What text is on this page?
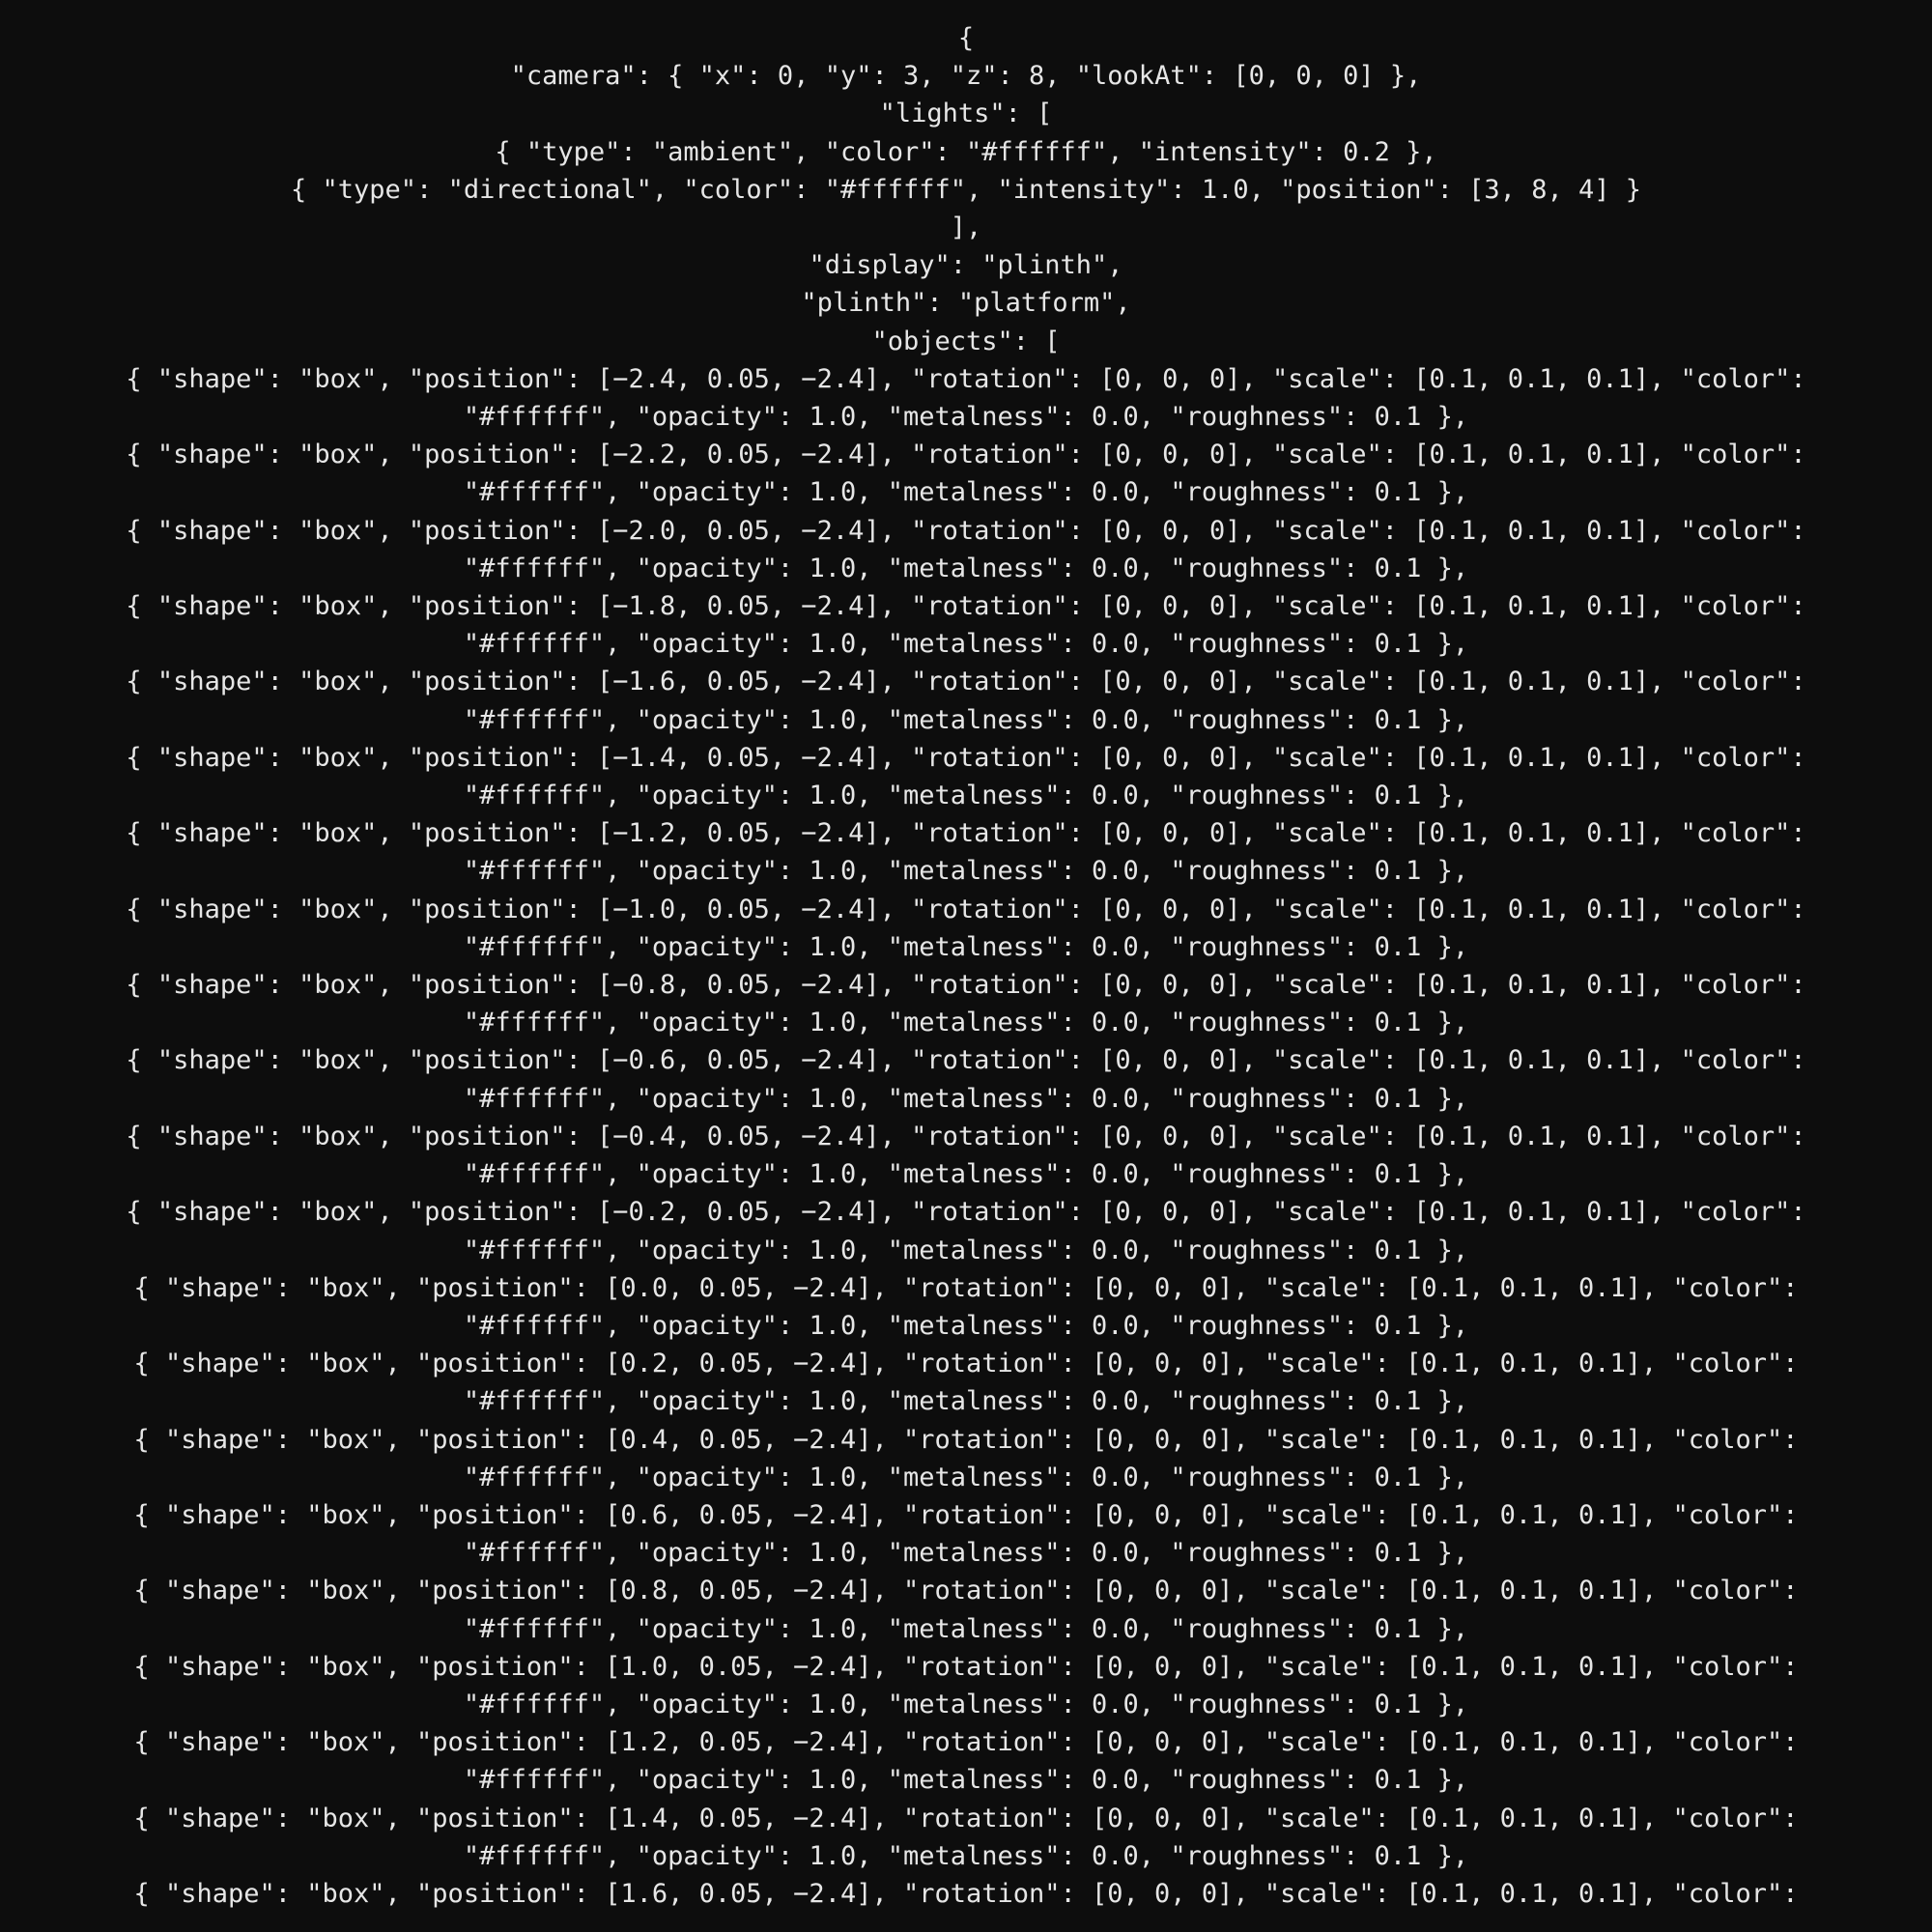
{
"camera": { "x": 0, "y": 3, "z": 8, "lookAt": [0, 0, 0] },
"lights": [
{ "type": "ambient", "color": "#ffffff", "intensity": 0.2 },
{ "type": "directional", "color": "#ffffff", "intensity": 1.0, "position": [3, 8, 4] }
],
"display": "plinth",
"plinth": "platform",
"objects": [
{ "shape": "box", "position": [−2.4, 0.05, −2.4], "rotation": [0, 0, 0], "scale": [0.1, 0.1, 0.1], "color":
"#ffffff", "opacity": 1.0, "metalness": 0.0, "roughness": 0.1 },
{ "shape": "box", "position": [−2.2, 0.05, −2.4], "rotation": [0, 0, 0], "scale": [0.1, 0.1, 0.1], "color":
"#ffffff", "opacity": 1.0, "metalness": 0.0, "roughness": 0.1 },
{ "shape": "box", "position": [−2.0, 0.05, −2.4], "rotation": [0, 0, 0], "scale": [0.1, 0.1, 0.1], "color":
"#ffffff", "opacity": 1.0, "metalness": 0.0, "roughness": 0.1 },
{ "shape": "box", "position": [−1.8, 0.05, −2.4], "rotation": [0, 0, 0], "scale": [0.1, 0.1, 0.1], "color":
"#ffffff", "opacity": 1.0, "metalness": 0.0, "roughness": 0.1 },
{ "shape": "box", "position": [−1.6, 0.05, −2.4], "rotation": [0, 0, 0], "scale": [0.1, 0.1, 0.1], "color":
"#ffffff", "opacity": 1.0, "metalness": 0.0, "roughness": 0.1 },
{ "shape": "box", "position": [−1.4, 0.05, −2.4], "rotation": [0, 0, 0], "scale": [0.1, 0.1, 0.1], "color":
"#ffffff", "opacity": 1.0, "metalness": 0.0, "roughness": 0.1 },
{ "shape": "box", "position": [−1.2, 0.05, −2.4], "rotation": [0, 0, 0], "scale": [0.1, 0.1, 0.1], "color":
"#ffffff", "opacity": 1.0, "metalness": 0.0, "roughness": 0.1 },
{ "shape": "box", "position": [−1.0, 0.05, −2.4], "rotation": [0, 0, 0], "scale": [0.1, 0.1, 0.1], "color":
"#ffffff", "opacity": 1.0, "metalness": 0.0, "roughness": 0.1 },
{ "shape": "box", "position": [−0.8, 0.05, −2.4], "rotation": [0, 0, 0], "scale": [0.1, 0.1, 0.1], "color":
"#ffffff", "opacity": 1.0, "metalness": 0.0, "roughness": 0.1 },
{ "shape": "box", "position": [−0.6, 0.05, −2.4], "rotation": [0, 0, 0], "scale": [0.1, 0.1, 0.1], "color":
"#ffffff", "opacity": 1.0, "metalness": 0.0, "roughness": 0.1 },
{ "shape": "box", "position": [−0.4, 0.05, −2.4], "rotation": [0, 0, 0], "scale": [0.1, 0.1, 0.1], "color":
"#ffffff", "opacity": 1.0, "metalness": 0.0, "roughness": 0.1 },
{ "shape": "box", "position": [−0.2, 0.05, −2.4], "rotation": [0, 0, 0], "scale": [0.1, 0.1, 0.1], "color":
"#ffffff", "opacity": 1.0, "metalness": 0.0, "roughness": 0.1 },
{ "shape": "box", "position": [0.0, 0.05, −2.4], "rotation": [0, 0, 0], "scale": [0.1, 0.1, 0.1], "color":
"#ffffff", "opacity": 1.0, "metalness": 0.0, "roughness": 0.1 },
{ "shape": "box", "position": [0.2, 0.05, −2.4], "rotation": [0, 0, 0], "scale": [0.1, 0.1, 0.1], "color":
"#ffffff", "opacity": 1.0, "metalness": 0.0, "roughness": 0.1 },
{ "shape": "box", "position": [0.4, 0.05, −2.4], "rotation": [0, 0, 0], "scale": [0.1, 0.1, 0.1], "color":
"#ffffff", "opacity": 1.0, "metalness": 0.0, "roughness": 0.1 },
{ "shape": "box", "position": [0.6, 0.05, −2.4], "rotation": [0, 0, 0], "scale": [0.1, 0.1, 0.1], "color":
"#ffffff", "opacity": 1.0, "metalness": 0.0, "roughness": 0.1 },
{ "shape": "box", "position": [0.8, 0.05, −2.4], "rotation": [0, 0, 0], "scale": [0.1, 0.1, 0.1], "color":
"#ffffff", "opacity": 1.0, "metalness": 0.0, "roughness": 0.1 },
{ "shape": "box", "position": [1.0, 0.05, −2.4], "rotation": [0, 0, 0], "scale": [0.1, 0.1, 0.1], "color":
"#ffffff", "opacity": 1.0, "metalness": 0.0, "roughness": 0.1 },
{ "shape": "box", "position": [1.2, 0.05, −2.4], "rotation": [0, 0, 0], "scale": [0.1, 0.1, 0.1], "color":
"#ffffff", "opacity": 1.0, "metalness": 0.0, "roughness": 0.1 },
{ "shape": "box", "position": [1.4, 0.05, −2.4], "rotation": [0, 0, 0], "scale": [0.1, 0.1, 0.1], "color":
"#ffffff", "opacity": 1.0, "metalness": 0.0, "roughness": 0.1 },
{ "shape": "box", "position": [1.6, 0.05, −2.4], "rotation": [0, 0, 0], "scale": [0.1, 0.1, 0.1], "color":
